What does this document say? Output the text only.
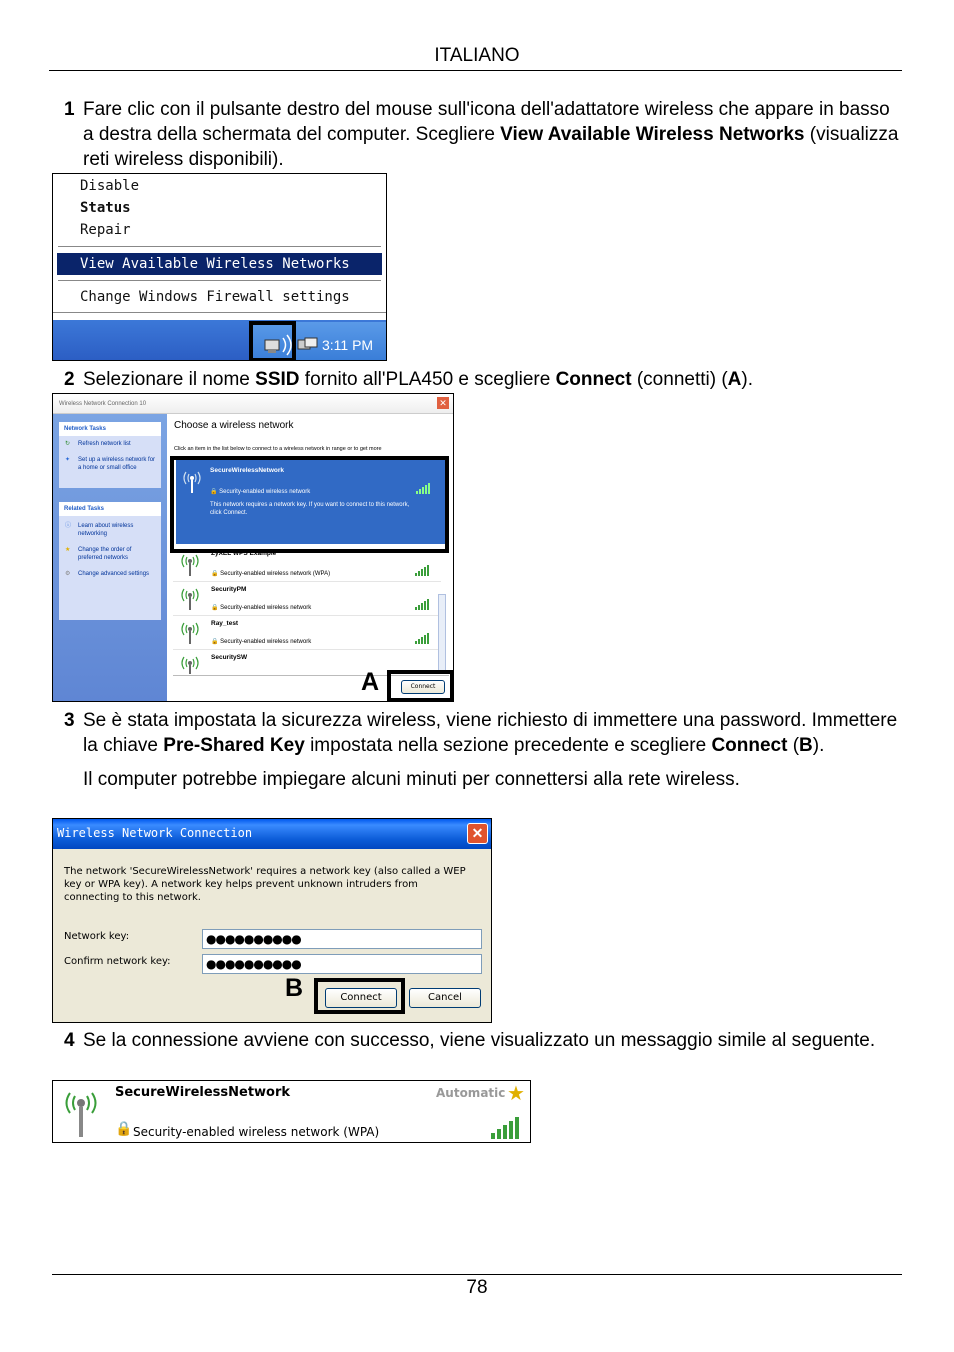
ITALIANO
1 Fare clic con il pulsante destro del mouse sull'icona dell'adattatore wireless che appare in basso a destra della schermata del computer. Scegliere View Available Wireless Networks (visualizza reti wireless disponibili).

Disable
Status
Repair
View Available Wireless Networks
Change Windows Firewall settings
3:11 PM
2 Selezionare il nome SSID fornito all'PLA450 e scegliere Connect (connetti) (A).

Wireless Network Connection 10	✕
Network Tasks
↻ Refresh network list
✦ Set up a wireless network for a home or small office
Related Tasks
ⓘ Learn about wireless networking
★ Change the order of preferred networks
⚙ Change advanced settings
Choose a wireless network
Click an item in the list below to connect to a wireless network in range or to get more
SecureWirelessNetwork
🔒 Security-enabled wireless network
This network requires a network key. If you want to connect to this network, click Connect.
ZyXEL WPS Example
🔒 Security-enabled wireless network (WPA)
SecurityPM
🔒 Security-enabled wireless network
Ray_test
🔒 Security-enabled wireless network
SecuritySW
Connect
A
3 Se è stata impostata la sicurezza wireless, viene richiesto di immettere una password. Immettere la chiave Pre-Shared Key impostata nella sezione precedente e scegliere Connect (B).

Il computer potrebbe impiegare alcuni minuti per connettersi alla rete wireless.

Wireless Network Connection	✕
The network 'SecureWirelessNetwork' requires a network key (also called a WEP key or WPA key). A network key helps prevent unknown intruders from connecting to this network.
Network key:	●●●●●●●●●●
Confirm network key:	●●●●●●●●●●
Connect	Cancel
B
4 Se la connessione avviene con successo, viene visualizzato un messaggio simile al seguente.

SecureWirelessNetwork	Automatic ★
🔒 Security-enabled wireless network (WPA)
78
